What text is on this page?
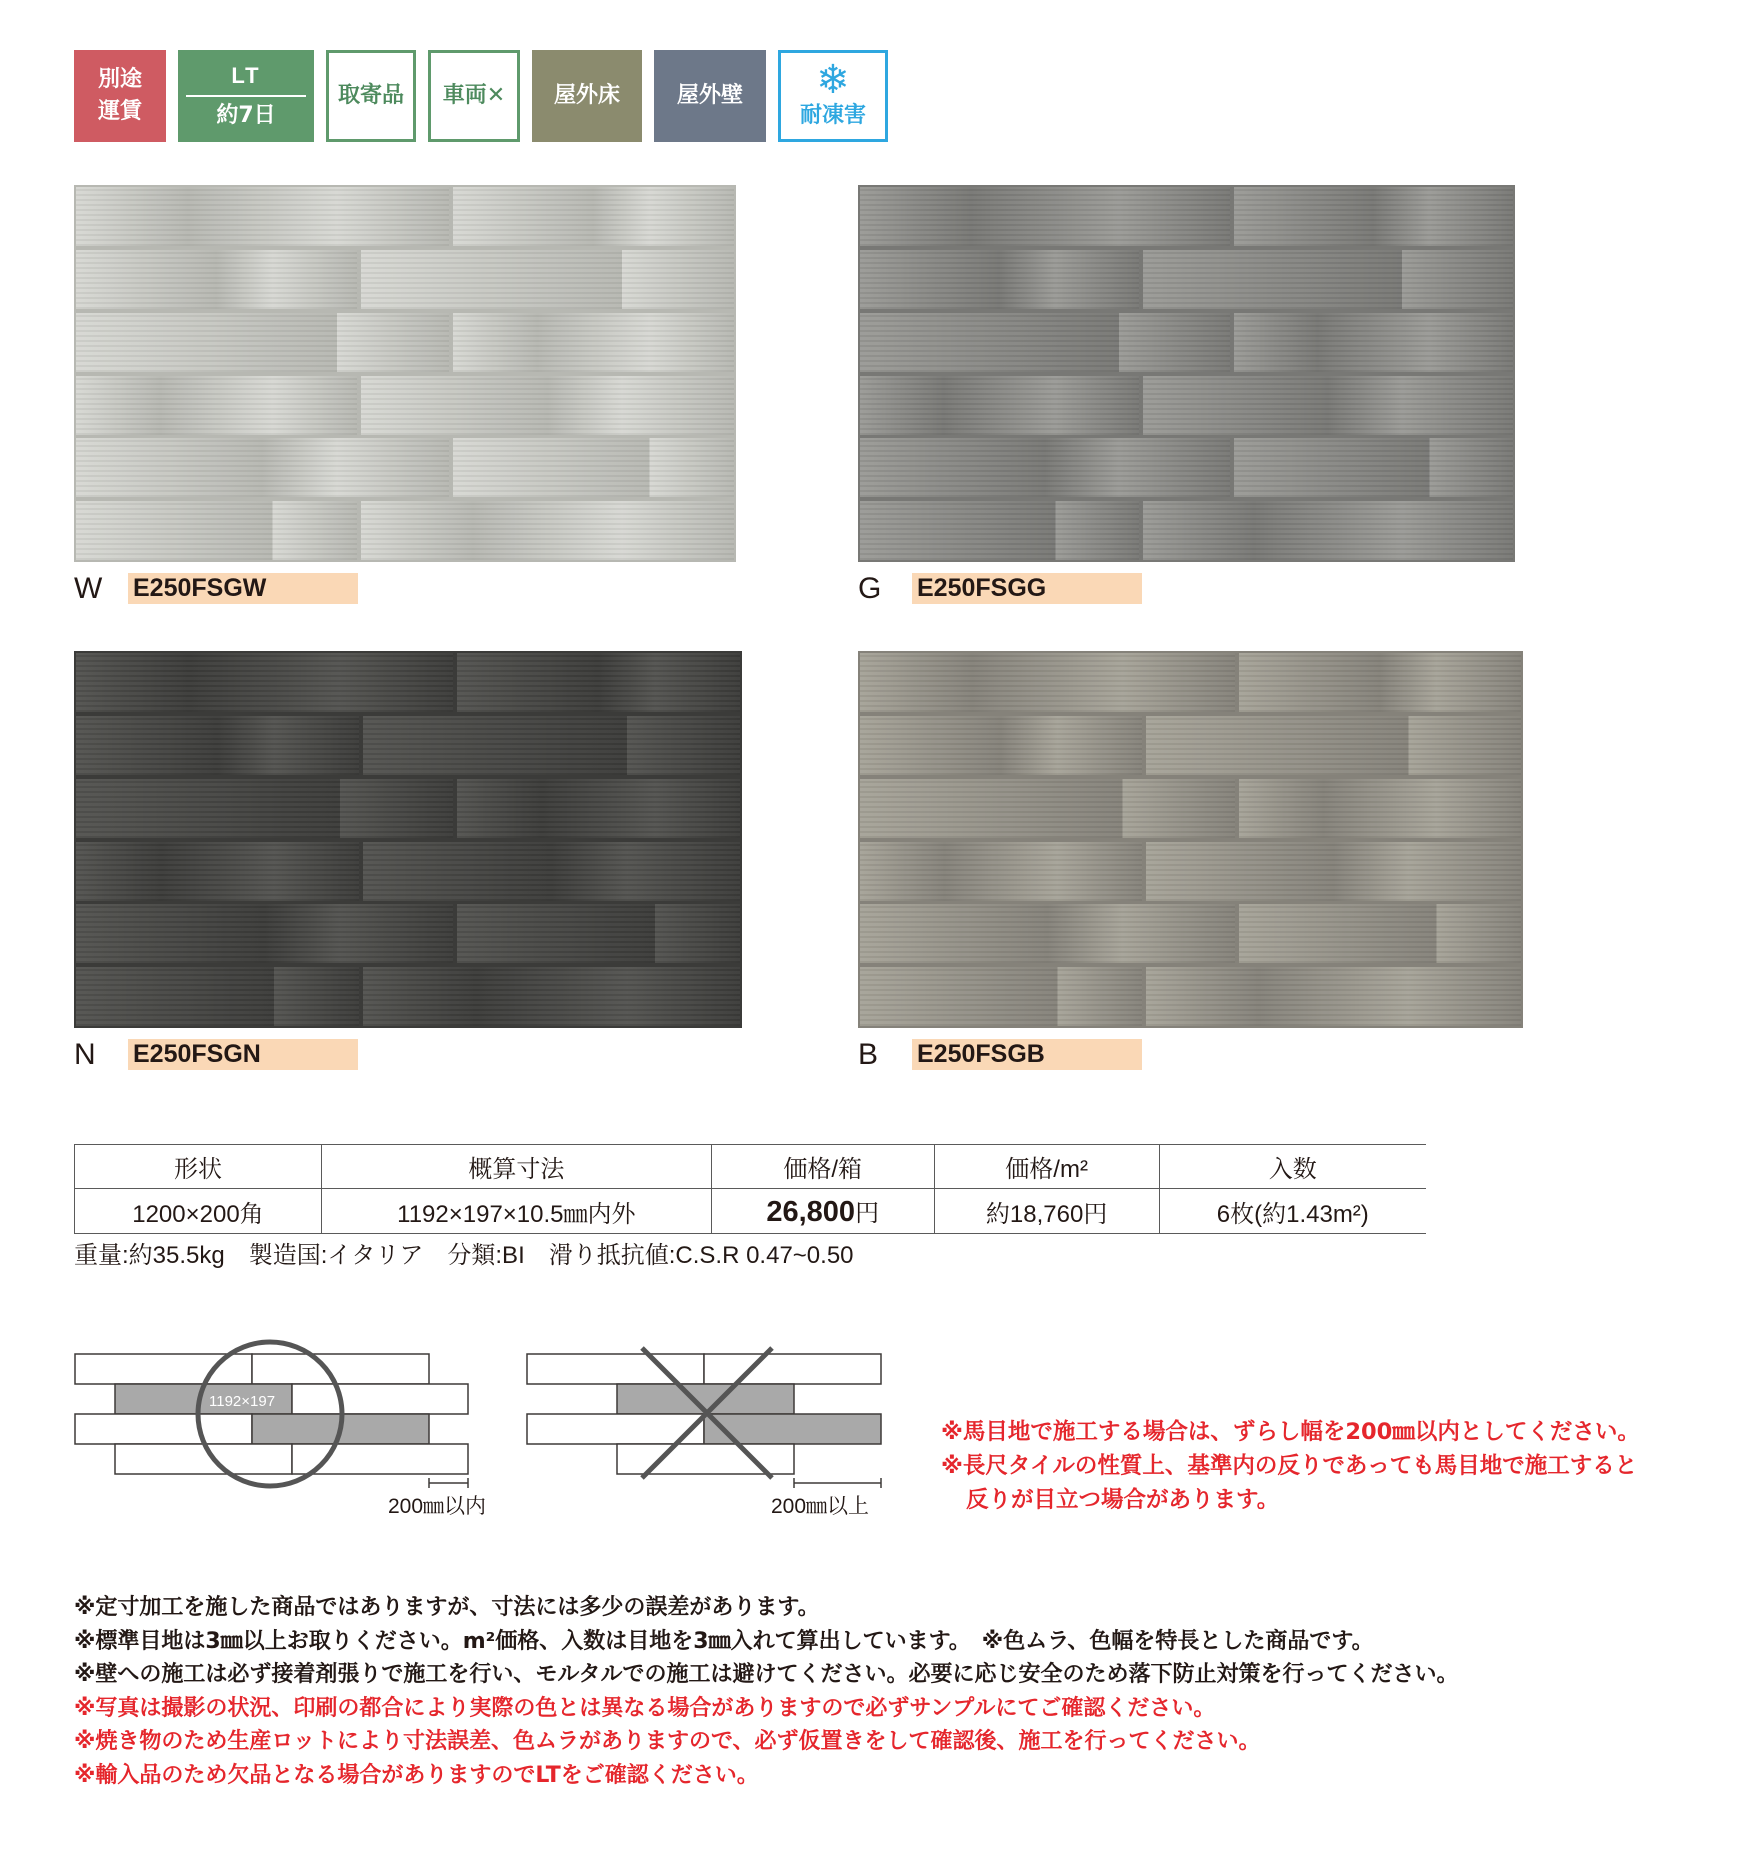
別途
運賃
LT
約7日
取寄品 車両✕ 屋外床	屋外壁 ❄
耐凍害
W E250FSGW	G E250FSGG
N E250FSGN	B E250FSGB
形状	概算寸法	価格/箱	価格/m²	入数
1200×200角	1192×197×10.5㎜内外	26,800円	約18,760円	6枚(約1.43m²)
重量:約35.5kg　製造国:イタリア　分類:BI　滑り抵抗値:C.S.R 0.47~0.50
1192×197
200㎜以内	200㎜以上
※馬目地で施工する場合は、ずらし幅を200㎜以内としてください。
※長尺タイルの性質上、基準内の反りであっても馬目地で施工すると
反りが目立つ場合があります。
※定寸加工を施した商品ではありますが、寸法には多少の誤差があります。
※標準目地は3㎜以上お取りください。m²価格、入数は目地を3㎜入れて算出しています。　※色ムラ、色幅を特長とした商品です。
※壁への施工は必ず接着剤張りで施工を行い、モルタルでの施工は避けてください。必要に応じ安全のため落下防止対策を行ってください。
※写真は撮影の状況、印刷の都合により実際の色とは異なる場合がありますので必ずサンプルにてご確認ください。
※焼き物のため生産ロットにより寸法誤差、色ムラがありますので、必ず仮置きをして確認後、施工を行ってください。
※輸入品のため欠品となる場合がありますのでLTをご確認ください。
